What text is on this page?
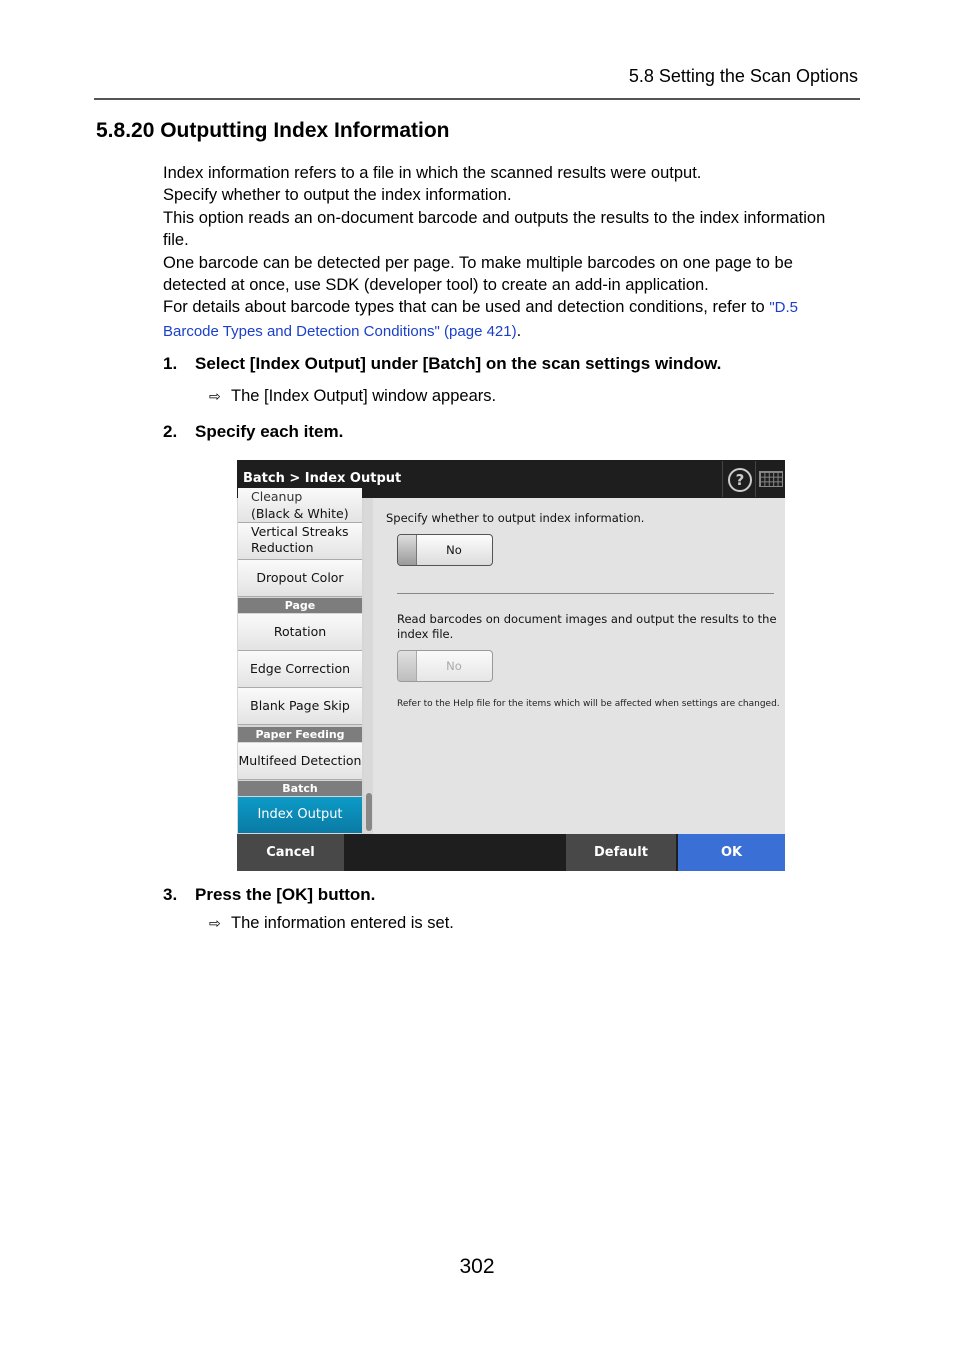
5.8 Setting the Scan Options
5.8.20 Outputting Index Information

Index information refers to a file in which the scanned results were output.

Specify whether to output the index information.

This option reads an on-document barcode and outputs the results to the index information file.

One barcode can be detected per page. To make multiple barcodes on one page to be detected at once, use SDK (developer tool) to create an add-in application.

For details about barcode types that can be used and detection conditions, refer to "D.5 Barcode Types and Detection Conditions" (page 421).

1. Select [Index Output] under [Batch] on the scan settings window.
⇨ The [Index Output] window appears.
2. Specify each item.
Batch > Index Output	?
Cleanup
(Black & White)
Vertical Streaks
Reduction
Dropout Color
Page
Rotation
Edge Correction
Blank Page Skip
Paper Feeding
Multifeed Detection
Batch
Index Output
Specify whether to output index information.
No
Read barcodes on document images and output the results to the
index file.
No
Refer to the Help file for the items which will be affected when settings are changed.
Cancel	Default	OK
3. Press the [OK] button.
⇨ The information entered is set.
302
